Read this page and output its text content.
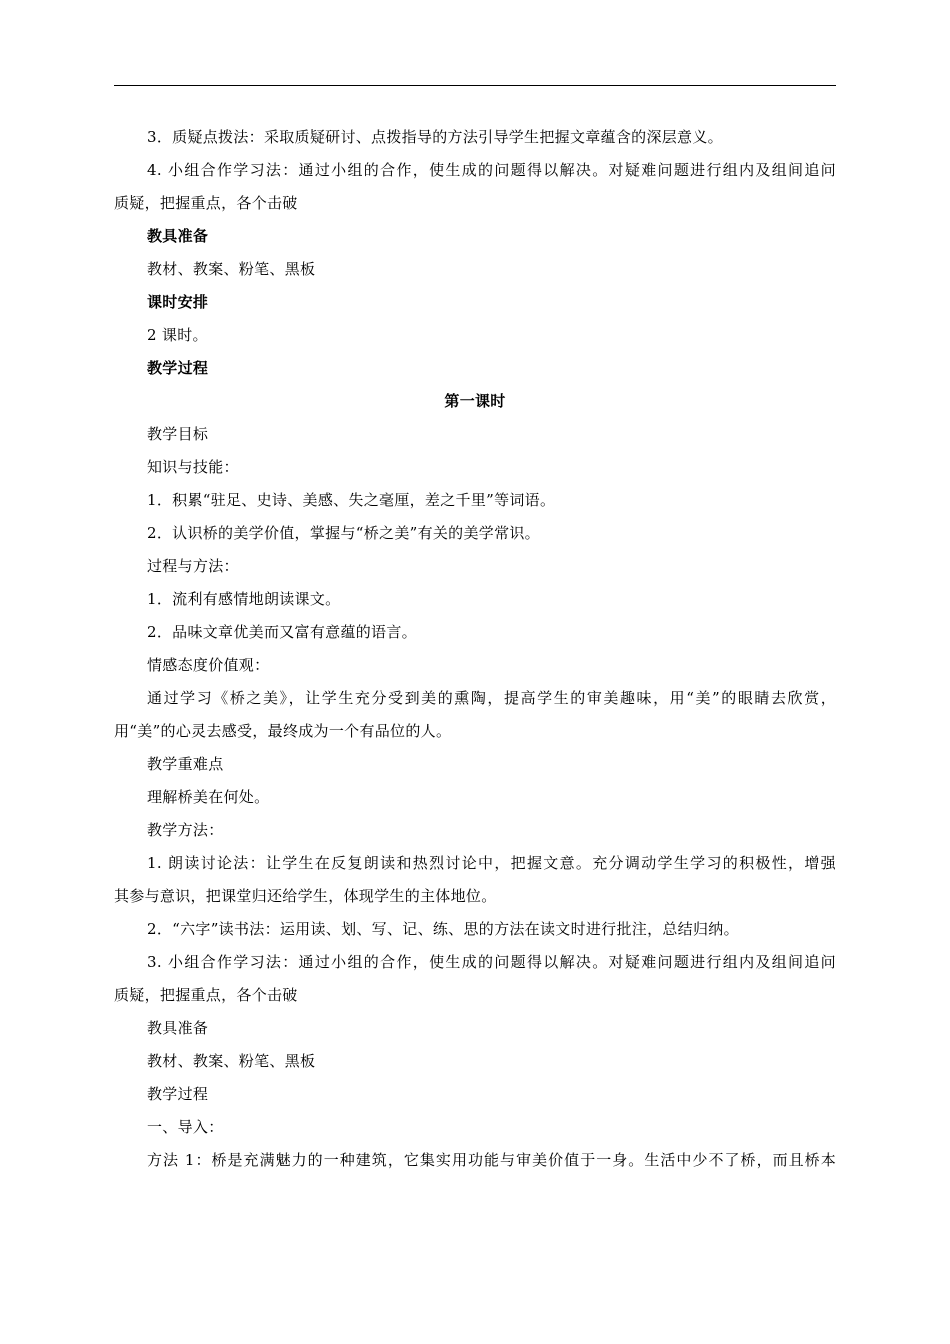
3．质疑点拨法：采取质疑研讨、点拨指导的方法引导学生把握文章蕴含的深层意义。
4. 小组合作学习法：通过小组的合作，使生成的问题得以解决。对疑难问题进行组内及组间追问
质疑，把握重点，各个击破
教具准备
教材、教案、粉笔、黑板
课时安排
2 课时。
教学过程
第一课时
教学目标
知识与技能：
1．积累“驻足、史诗、美感、失之毫厘，差之千里”等词语。
2．认识桥的美学价值，掌握与“桥之美”有关的美学常识。
过程与方法：
1．流利有感情地朗读课文。
2．品味文章优美而又富有意蕴的语言。
情感态度价值观：
通过学习《桥之美》，让学生充分受到美的熏陶，提高学生的审美趣味，用“美”的眼睛去欣赏，
用“美”的心灵去感受，最终成为一个有品位的人。
教学重难点
理解桥美在何处。
教学方法：
1. 朗读讨论法：让学生在反复朗读和热烈讨论中，把握文意。充分调动学生学习的积极性，增强
其参与意识，把课堂归还给学生，体现学生的主体地位。
2．“六字”读书法：运用读、划、写、记、练、思的方法在读文时进行批注，总结归纳。
3. 小组合作学习法：通过小组的合作，使生成的问题得以解决。对疑难问题进行组内及组间追问
质疑，把握重点，各个击破
教具准备
教材、教案、粉笔、黑板
教学过程
一、导入：
方法 1：桥是充满魅力的一种建筑，它集实用功能与审美价值于一身。生活中少不了桥，而且桥本
